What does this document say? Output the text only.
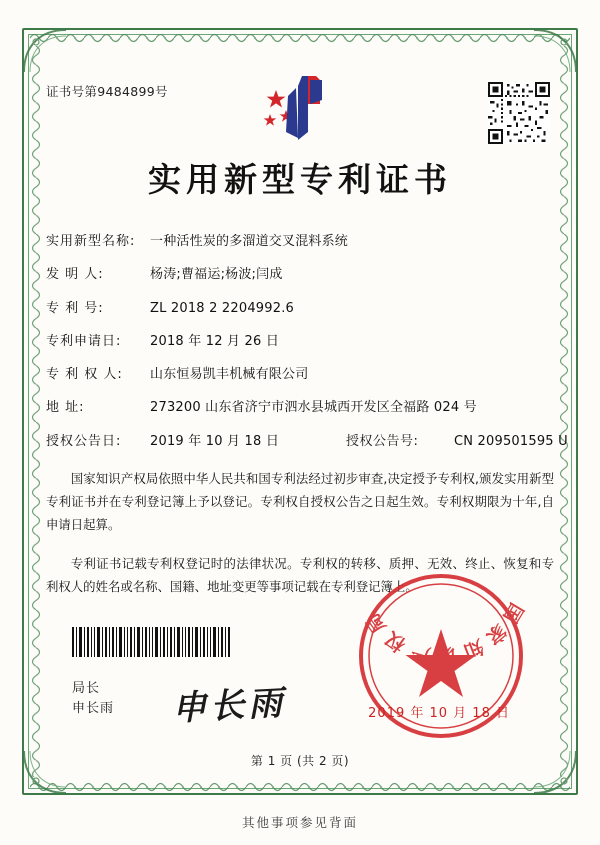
证书号第9484899号
实用新型专利证书
实用新型名称:	一种活性炭的多溜道交叉混料系统
发 明 人:	杨涛;曹福运;杨波;闫成
专 利 号:	ZL 2018 2 2204992.6
专利申请日:	2018 年 12 月 26 日
专 利 权 人:	山东恒易凯丰机械有限公司
地 址:	273200 山东省济宁市泗水县城西开发区全福路 024 号
授权公告日:	2019 年 10 月 18 日	授权公告号:	CN 209501595 U
国家知识产权局依照中华人民共和国专利法经过初步审查,决定授予专利权,颁发实用新型专利证书并在专利登记簿上予以登记。专利权自授权公告之日起生效。专利权期限为十年,自申请日起算。
专利证书记载专利权登记时的法律状况。专利权的转移、质押、无效、终止、恢复和专利权人的姓名或名称、国籍、地址变更等事项记载在专利登记簿上。
局长
申长雨 申长雨
国家知识产权局
2019 年 10 月 18 日
第 1 页 (共 2 页)
其他事项参见背面
